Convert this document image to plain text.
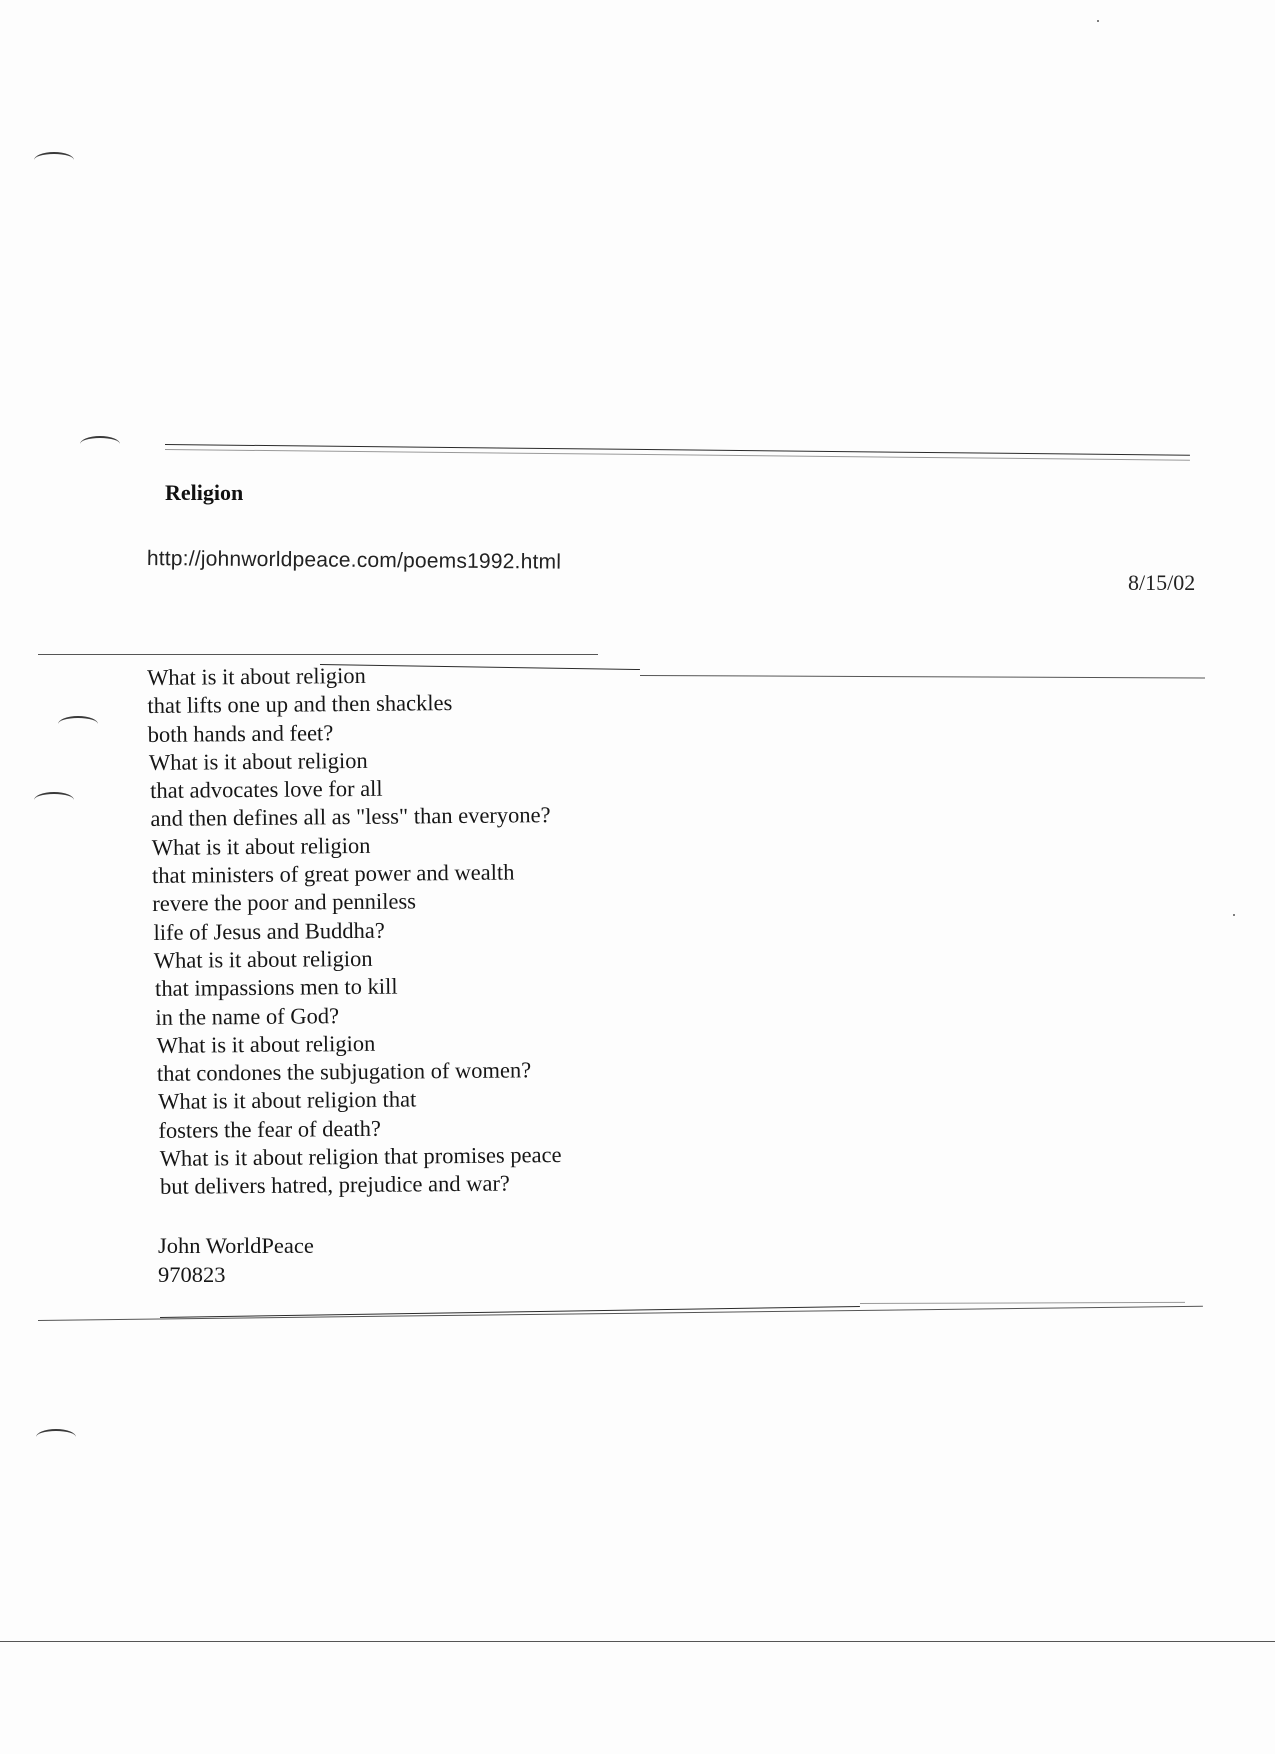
Religion
http://johnworldpeace.com/poems1992.html
8/15/02
What is it about religion
that lifts one up and then shackles
both hands and feet?
What is it about religion
that advocates love for all
and then defines all as "less" than everyone?
What is it about religion
that ministers of great power and wealth
revere the poor and penniless
life of Jesus and Buddha?
What is it about religion
that impassions men to kill
in the name of God?
What is it about religion
that condones the subjugation of women?
What is it about religion that
fosters the fear of death?
What is it about religion that promises peace
but delivers hatred, prejudice and war?
John WorldPeace
970823
